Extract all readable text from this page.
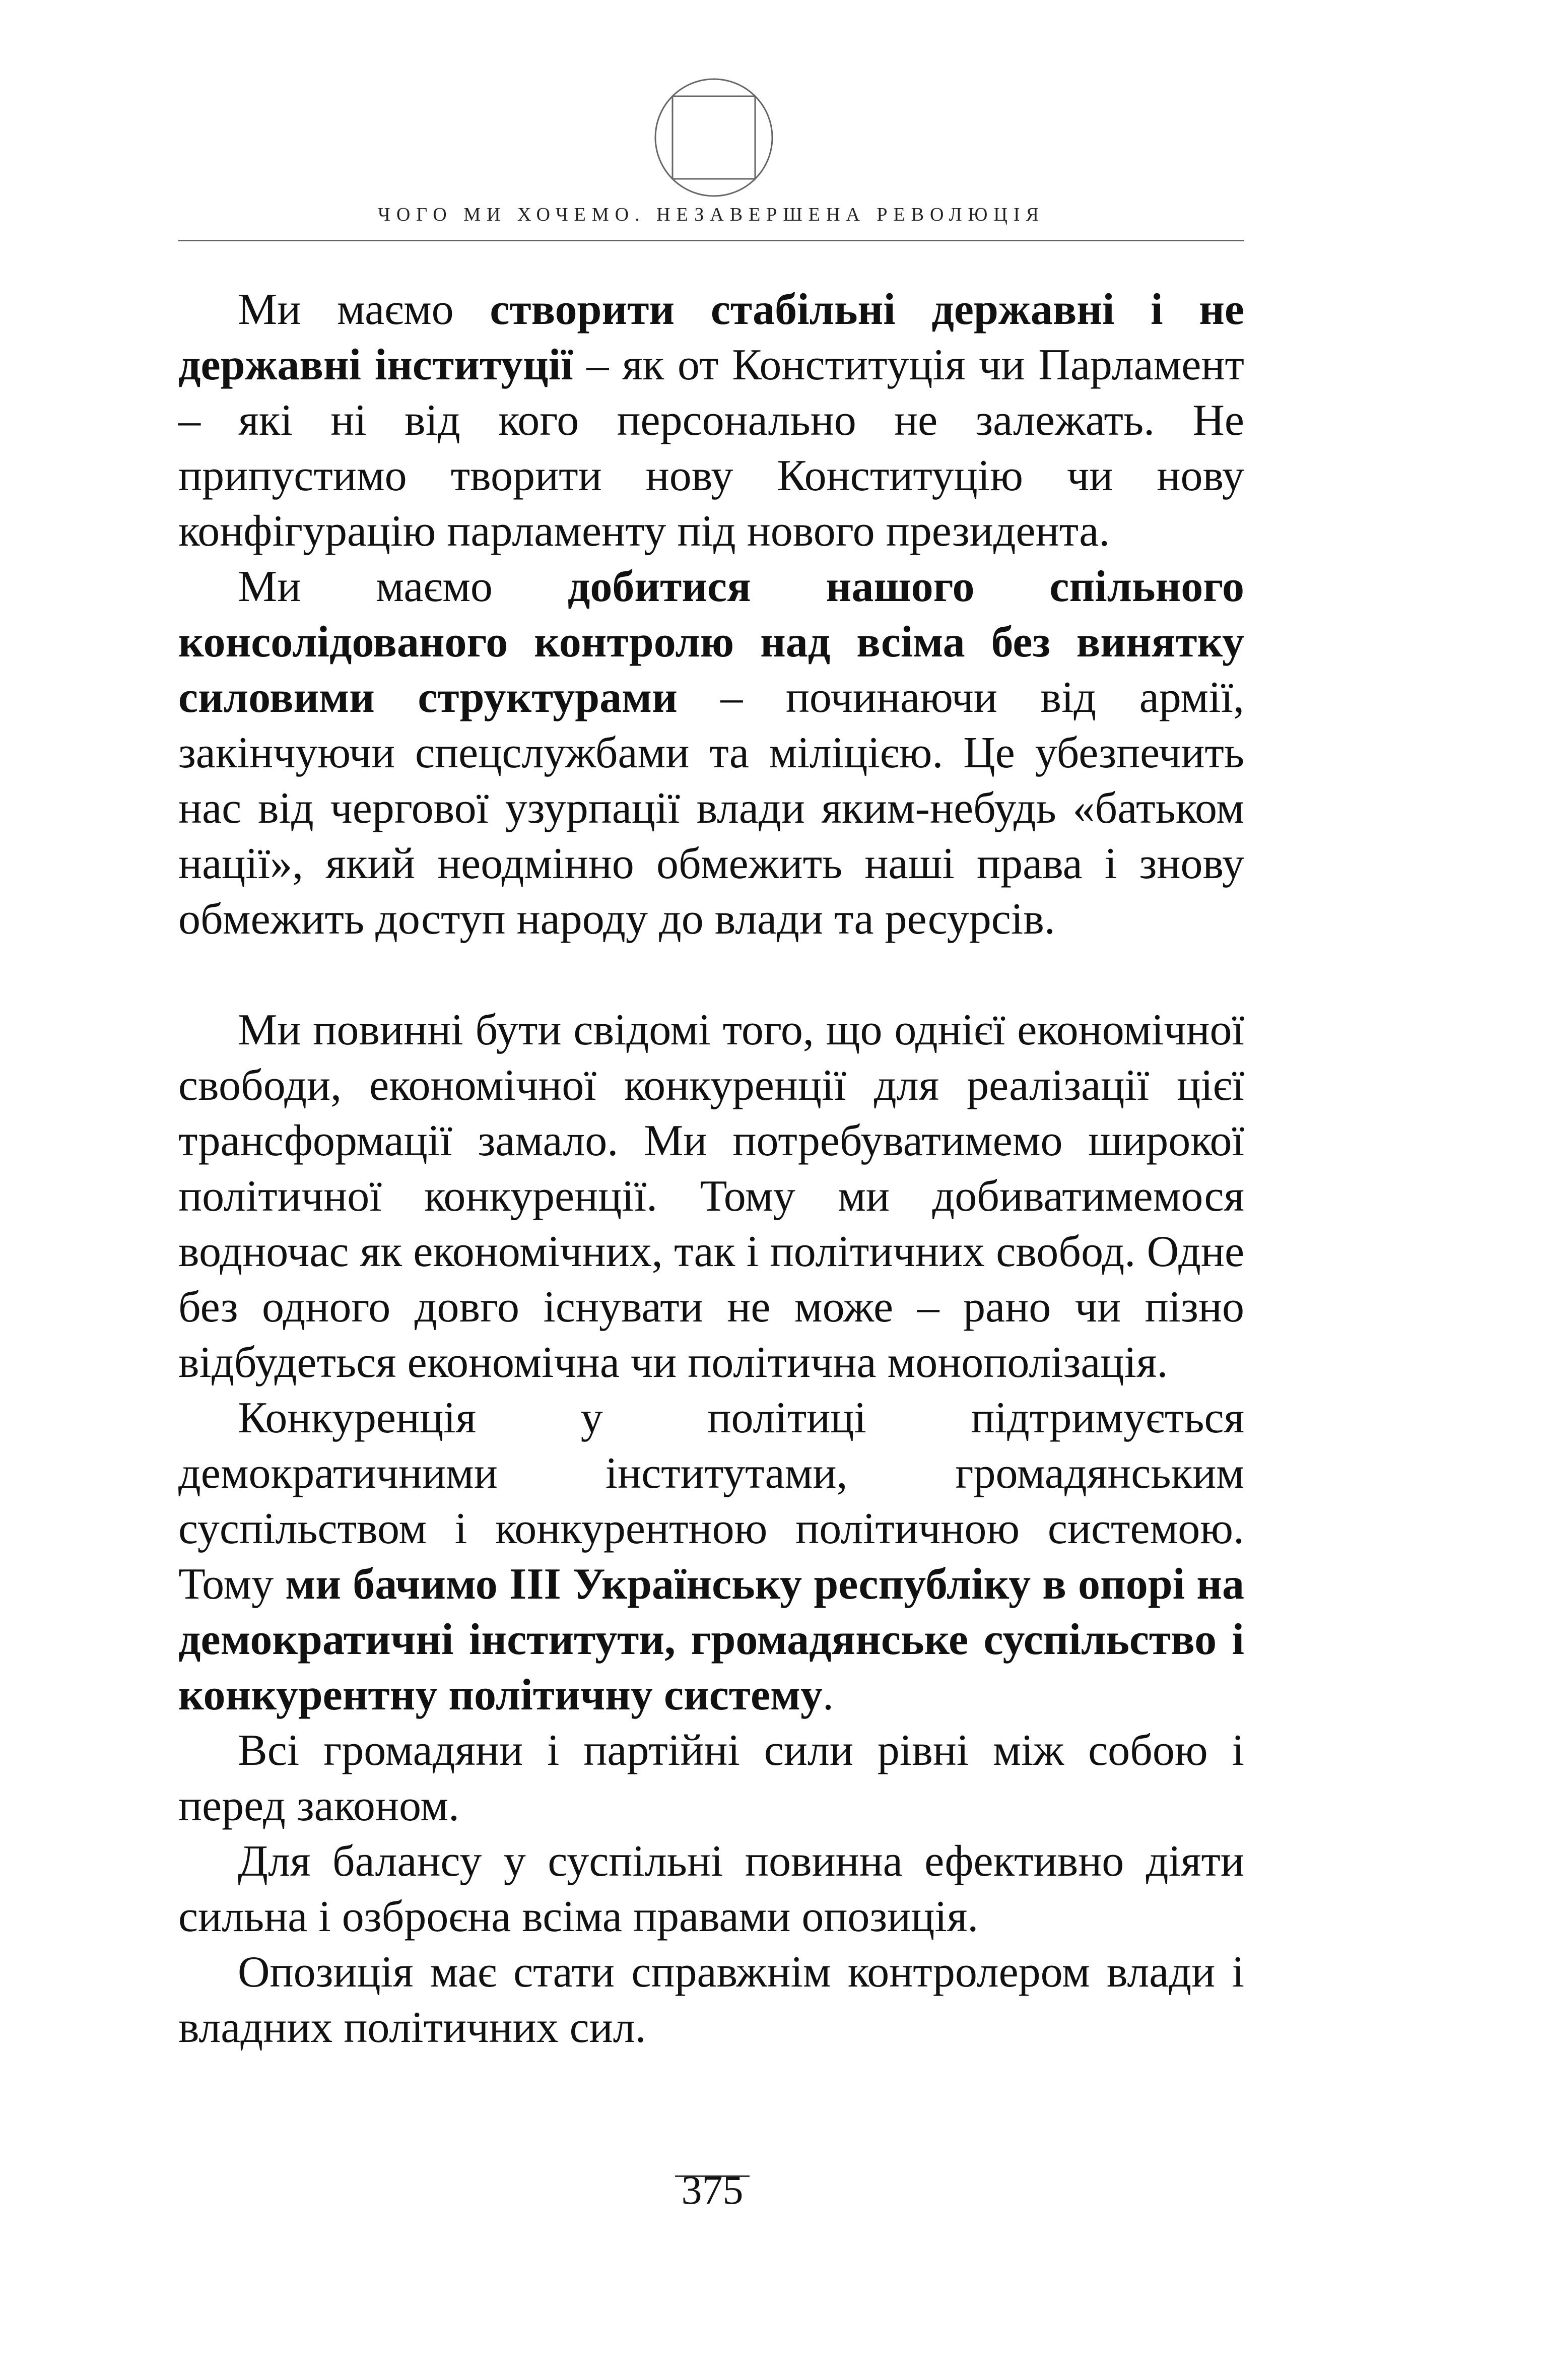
ЧОГО МИ ХОЧЕМО. НЕЗАВЕРШЕНА РЕВОЛЮЦІЯ

Ми маємо створити стабільні державні і не державні інституції – як от Конституція чи Парламент – які ні від кого персонально не залежать. Не припустимо творити нову Конституцію чи нову конфігурацію парламенту під нового президента.

Ми маємо добитися нашого спільного консолідованого контролю над всіма без винятку силовими структурами – починаючи від армії, закінчуючи спецслужбами та міліцією. Це убезпечить нас від чергової узурпації влади яким-небудь «батьком нації», який неодмінно обмежить наші права і знову обмежить доступ народу до влади та ресурсів.

Ми повинні бути свідомі того, що однієї економічної свободи, економічної конкуренції для реалізації цієї трансформації замало. Ми потребуватимемо широкої політичної конкуренції. Тому ми добиватимемося водночас як економічних, так і політичних свобод. Одне без одного довго існувати не може – рано чи пізно відбудеться економічна чи політична монополізація.

Конкуренція у політиці підтримується демократичними інститутами, громадянським суспільством і конкурентною політичною системою. Тому ми бачимо III Українську республіку в опорі на демократичні інститути, громадянське суспільство і конкурентну політичну систему.

Всі громадяни і партійні сили рівні між собою і перед законом.

Для балансу у суспільні повинна ефективно діяти сильна і озброєна всіма правами опозиція.

Опозиція має стати справжнім контролером влади і владних політичних сил.

375
